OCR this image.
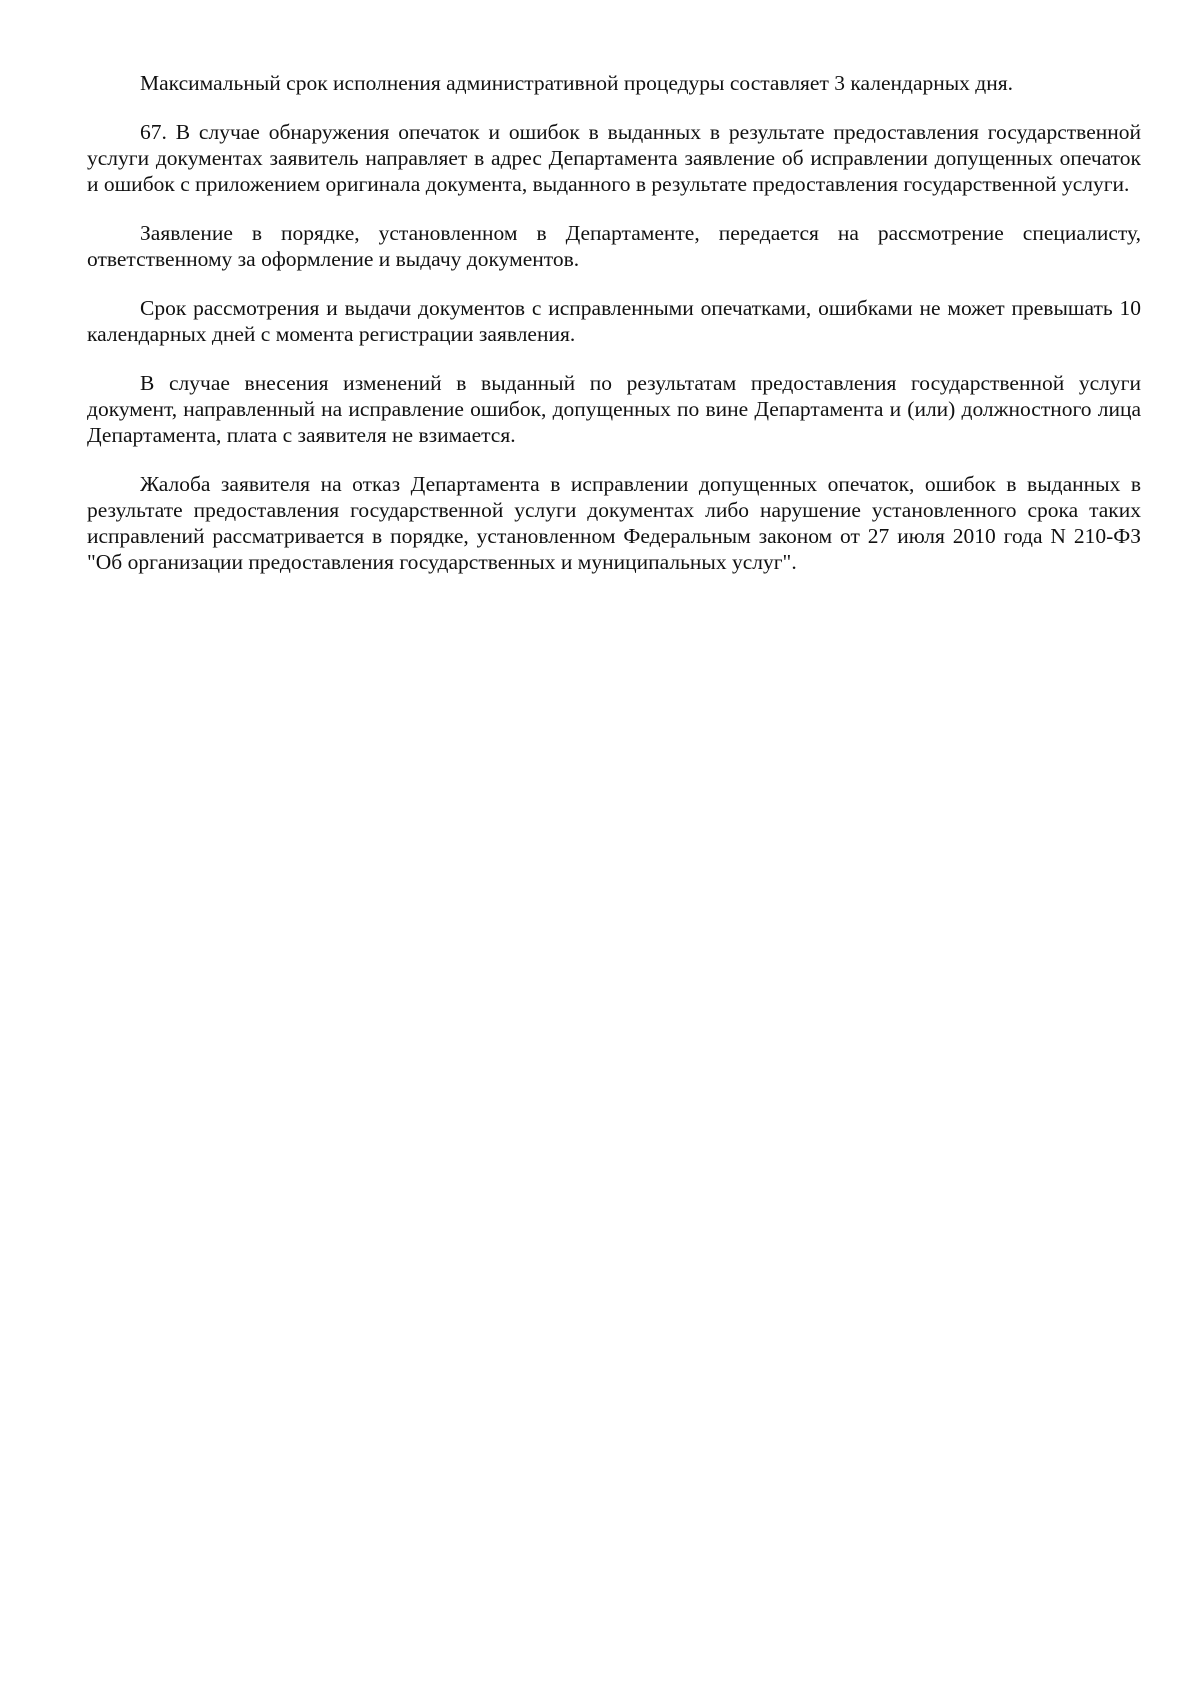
Максимальный срок исполнения административной процедуры составляет 3 календарных дня.

67. В случае обнаружения опечаток и ошибок в выданных в результате предоставления государственной услуги документах заявитель направляет в адрес Департамента заявление об исправлении допущенных опечаток и ошибок с приложением оригинала документа, выданного в результате предоставления государственной услуги.

Заявление в порядке, установленном в Департаменте, передается на рассмотрение специалисту, ответственному за оформление и выдачу документов.

Срок рассмотрения и выдачи документов с исправленными опечатками, ошибками не может превышать 10 календарных дней с момента регистрации заявления.

В случае внесения изменений в выданный по результатам предоставления государственной услуги документ, направленный на исправление ошибок, допущенных по вине Департамента и (или) должностного лица Департамента, плата с заявителя не взимается.

Жалоба заявителя на отказ Департамента в исправлении допущенных опечаток, ошибок в выданных в результате предоставления государственной услуги документах либо нарушение установленного срока таких исправлений рассматривается в порядке, установленном Федеральным законом от 27 июля 2010 года N 210-ФЗ "Об организации предоставления государственных и муниципальных услуг".
